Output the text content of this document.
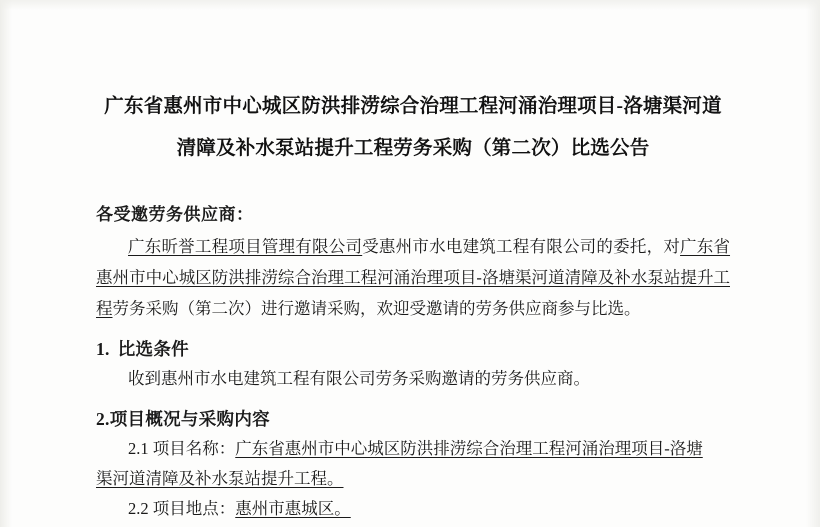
广东省惠州市中心城区防洪排涝综合治理工程河涌治理项目-洛塘渠河道
清障及补水泵站提升工程劳务采购（第二次）比选公告
各受邀劳务供应商：
广东昕誉工程项目管理有限公司受惠州市水电建筑工程有限公司的委托，对广东省惠州市中心城区防洪排涝综合治理工程河涌治理项目-洛塘渠河道清障及补水泵站提升工程劳务采购（第二次）进行邀请采购，欢迎受邀请的劳务供应商参与比选。
1. 比选条件
收到惠州市水电建筑工程有限公司劳务采购邀请的劳务供应商。
2.项目概况与采购内容
2.1 项目名称：广东省惠州市中心城区防洪排涝综合治理工程河涌治理项目-洛塘
渠河道清障及补水泵站提升工程。
2.2 项目地点：惠州市惠城区。
